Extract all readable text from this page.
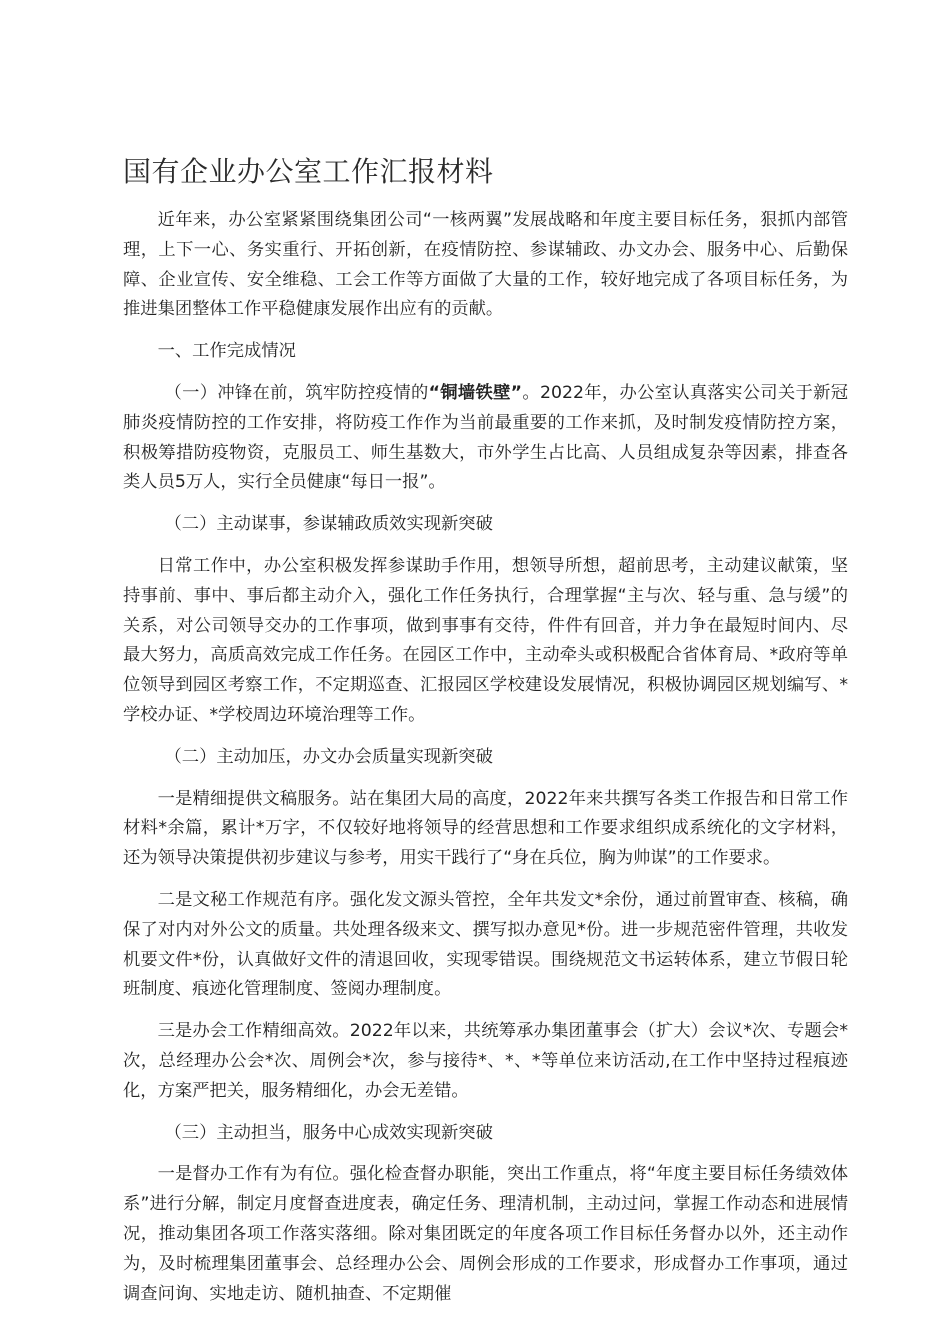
国有企业办公室工作汇报材料

近年来，办公室紧紧围绕集团公司“一核两翼”发展战略和年度主要目标任务，狠抓内部管理，上下一心、务实重行、开拓创新，在疫情防控、参谋辅政、办文办会、服务中心、后勤保障、企业宣传、安全维稳、工会工作等方面做了大量的工作，较好地完成了各项目标任务，为推进集团整体工作平稳健康发展作出应有的贡献。

一、工作完成情况

（一）冲锋在前，筑牢防控疫情的“铜墙铁壁”。2022年，办公室认真落实公司关于新冠肺炎疫情防控的工作安排，将防疫工作作为当前最重要的工作来抓，及时制发疫情防控方案，积极筹措防疫物资，克服员工、师生基数大，市外学生占比高、人员组成复杂等因素，排查各类人员5万人，实行全员健康“每日一报”。

（二）主动谋事，参谋辅政质效实现新突破

日常工作中，办公室积极发挥参谋助手作用，想领导所想，超前思考，主动建议献策，坚持事前、事中、事后都主动介入，强化工作任务执行，合理掌握“主与次、轻与重、急与缓”的关系，对公司领导交办的工作事项，做到事事有交待，件件有回音，并力争在最短时间内、尽最大努力，高质高效完成工作任务。在园区工作中，主动牵头或积极配合省体育局、*政府等单位领导到园区考察工作，不定期巡查、汇报园区学校建设发展情况，积极协调园区规划编写、*学校办证、*学校周边环境治理等工作。

（二）主动加压，办文办会质量实现新突破

一是精细提供文稿服务。站在集团大局的高度，2022年来共撰写各类工作报告和日常工作材料*余篇，累计*万字，不仅较好地将领导的经营思想和工作要求组织成系统化的文字材料，还为领导决策提供初步建议与参考，用实干践行了“身在兵位，胸为帅谋”的工作要求。

二是文秘工作规范有序。强化发文源头管控，全年共发文*余份，通过前置审查、核稿，确保了对内对外公文的质量。共处理各级来文、撰写拟办意见*份。进一步规范密件管理，共收发机要文件*份，认真做好文件的清退回收，实现零错误。围绕规范文书运转体系，建立节假日轮班制度、痕迹化管理制度、签阅办理制度。

三是办会工作精细高效。2022年以来，共统筹承办集团董事会（扩大）会议*次、专题会*次，总经理办公会*次、周例会*次，参与接待*、*、*等单位来访活动,在工作中坚持过程痕迹化，方案严把关，服务精细化，办会无差错。

（三）主动担当，服务中心成效实现新突破

一是督办工作有为有位。强化检查督办职能，突出工作重点，将“年度主要目标任务绩效体系”进行分解，制定月度督查进度表，确定任务、理清机制，主动过问，掌握工作动态和进展情况，推动集团各项工作落实落细。除对集团既定的年度各项工作目标任务督办以外，还主动作为，及时梳理集团董事会、总经理办公会、周例会形成的工作要求，形成督办工作事项，通过调查问询、实地走访、随机抽查、不定期催
